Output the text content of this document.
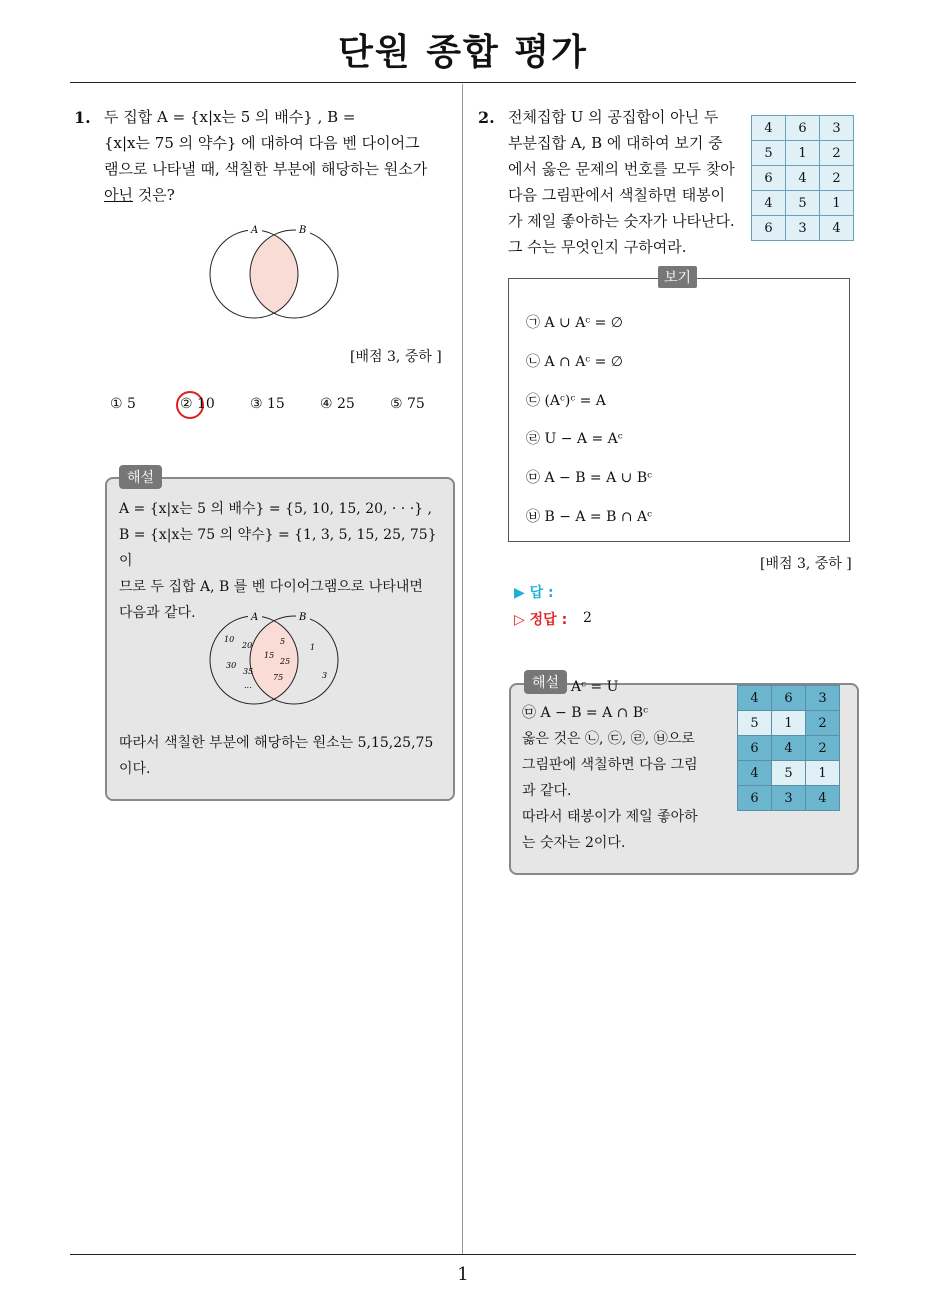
단원 종합 평가
1. 두 집합 A = {x|x는 5 의 배수} , B =
{x|x는 75 의 약수} 에 대하여 다음 벤 다이어그
램으로 나타낼 때, 색칠한 부분에 해당하는 원소가
아닌 것은?
A	B
[배점 3, 중하 ]
① 5	② 10	③ 15	④ 25	⑤ 75
해설
A = {x|x는 5 의 배수} = {5, 10, 15, 20, · · ·} ,
B = {x|x는 75 의 약수} = {1, 3, 5, 15, 25, 75} 이
므로 두 집합 A, B 를 벤 다이어그램으로 나타내면
다음과 같다.	A	B
10
20
30
35
...
5
15
25
75
1
3
따라서 색칠한 부분에 해당하는 원소는 5,15,25,75
이다.
2. 전체집합 U 의 공집합이 아닌 두
부분집합 A, B 에 대하여 보기 중
에서 옳은 문제의 번호를 모두 찾아
다음 그림판에서 색칠하면 태봉이
가 제일 좋아하는 숫자가 나타난다.
그 수는 무엇인지 구하여라.
4	6	3
5	1	2
6	4	2
4	5	1
6	3	4
보기
㉠ A ∪ Aᶜ = ∅
㉡ A ∩ Aᶜ = ∅
㉢ (Aᶜ)ᶜ = A
㉣ U − A = Aᶜ
㉤ A − B = A ∪ Bᶜ
㉥ B − A = B ∩ Aᶜ
[배점 3, 중하 ]
▶ 답 :
▷ 정답 : 2
Aᶜ = U
해설
㉤ A − B = A ∩ Bᶜ
옳은 것은 ㉡, ㉢, ㉣, ㉥으로
그림판에 색칠하면 다음 그림
과 같다.
따라서 태봉이가 제일 좋아하
는 숫자는 2이다.
4	6	3
5	1	2
6	4	2
4	5	1
6	3	4
1
